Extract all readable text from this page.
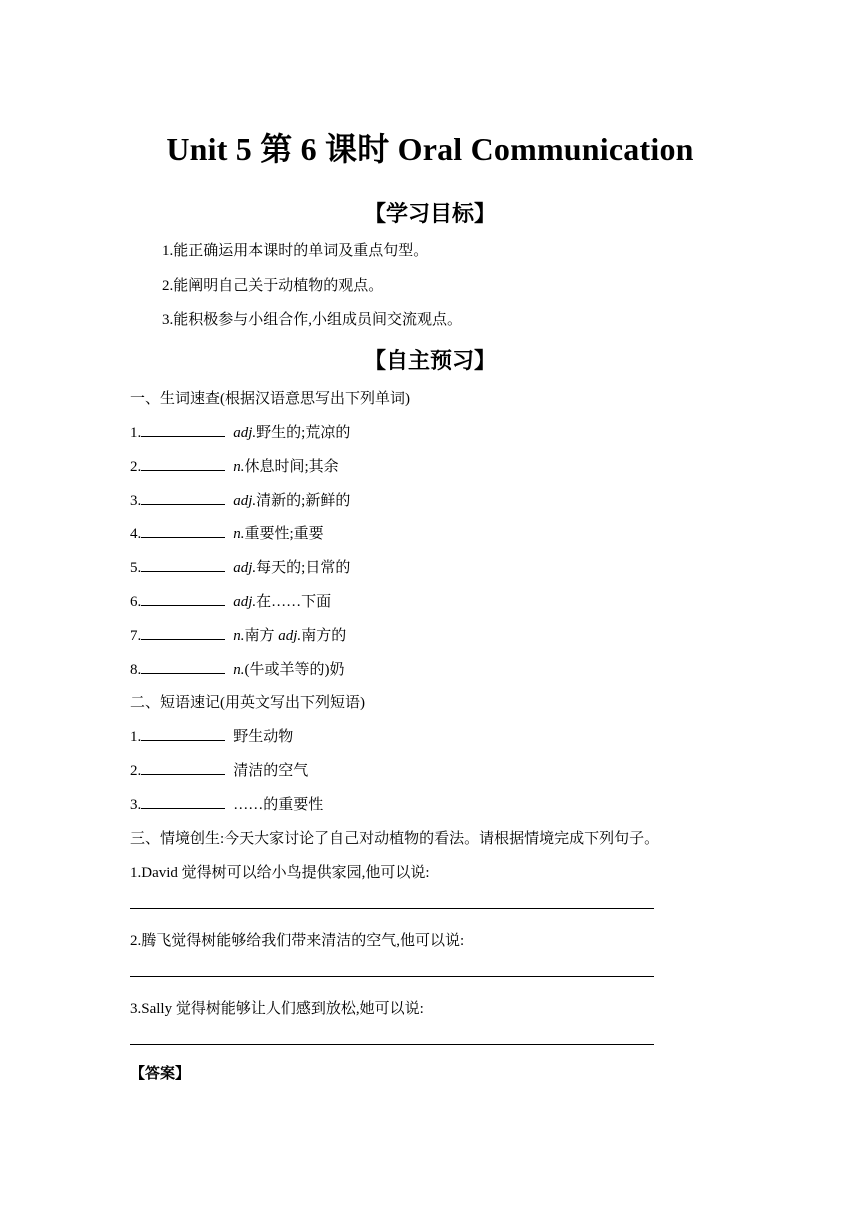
Unit 5 第 6 课时 Oral Communication
【学习目标】
1.能正确运用本课时的单词及重点句型。
2.能阐明自己关于动植物的观点。
3.能积极参与小组合作,小组成员间交流观点。
【自主预习】
一、生词速查(根据汉语意思写出下列单词)
1.	adj.野生的;荒凉的
2.	n.休息时间;其余
3.	adj.清新的;新鲜的
4.	n.重要性;重要
5.	adj.每天的;日常的
6.	adj.在……下面
7.	n.南方 adj.南方的
8.	n.(牛或羊等的)奶
二、短语速记(用英文写出下列短语)
1.	野生动物
2.	清洁的空气
3.	……的重要性
三、情境创生:今天大家讨论了自己对动植物的看法。请根据情境完成下列句子。
1.David 觉得树可以给小鸟提供家园,他可以说:
2.腾飞觉得树能够给我们带来清洁的空气,他可以说:
3.Sally 觉得树能够让人们感到放松,她可以说:
【答案】
